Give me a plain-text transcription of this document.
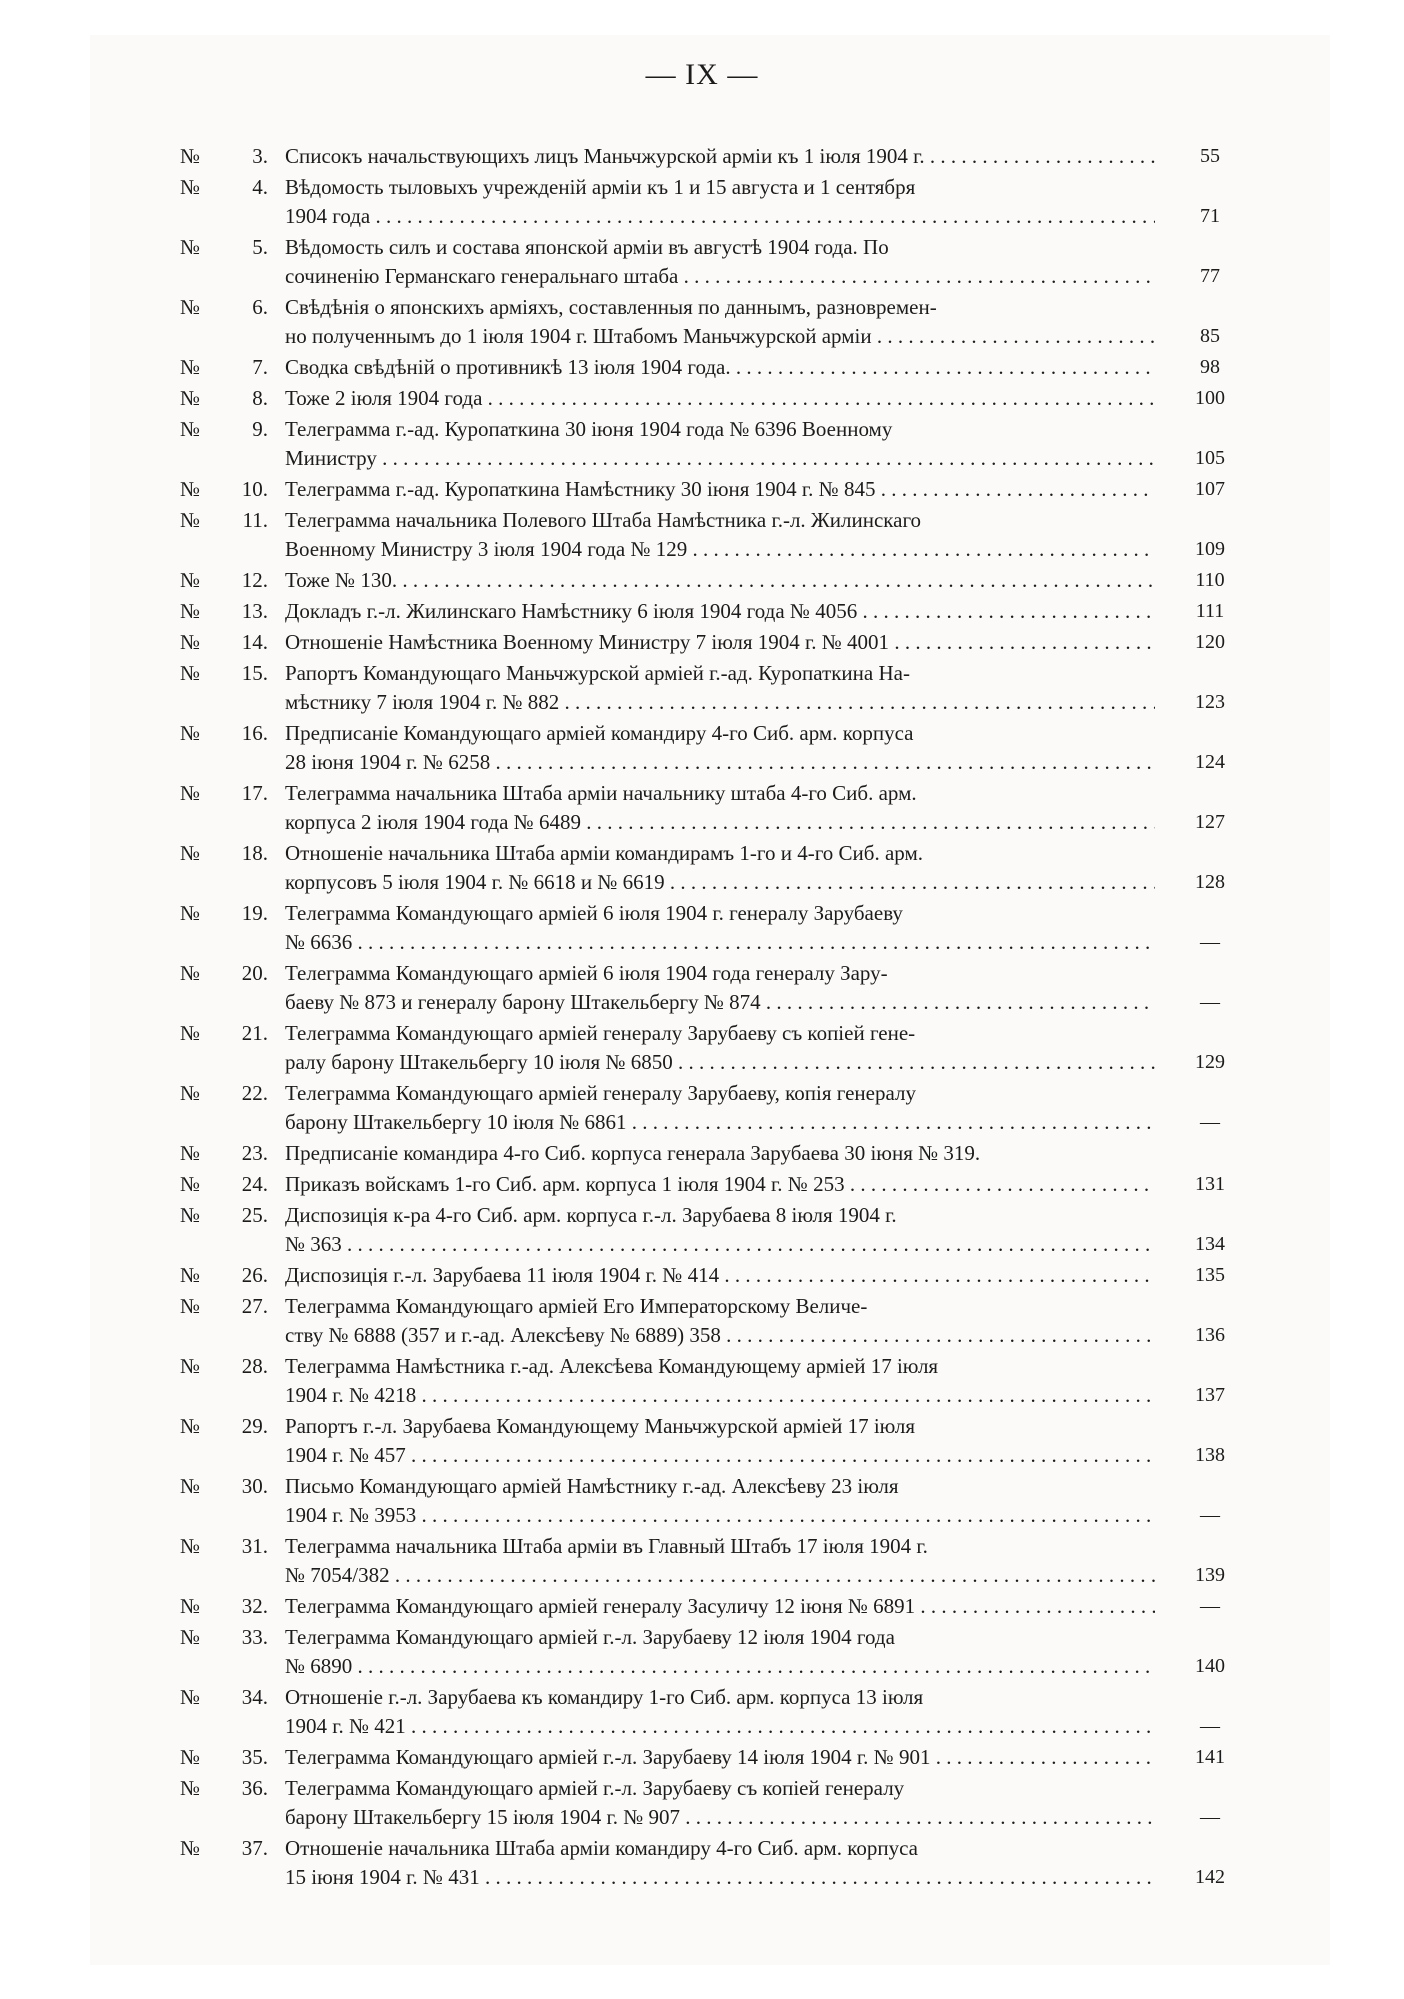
— IX —
№	3. Списокъ начальствующихъ лицъ Маньчжурской арміи къ 1 іюля 1904 г. . . .	55
№	4. Вѣдомость тыловыхъ учрежденій арміи къ 1 и 15 августа и 1 сентября
1904 года . . .	71
№	5. Вѣдомость силъ и состава японской арміи въ августѣ 1904 года. По
сочиненію Германскаго генеральнаго штаба . . .	77
№	6. Свѣдѣнія о японскихъ арміяхъ, составленныя по даннымъ, разновремен-
но полученнымъ до 1 іюля 1904 г. Штабомъ Маньчжурской арміи . . .	85
№	7. Сводка свѣдѣній о противникѣ 13 іюля 1904 года. . . .	98
№	8. Тоже 2 іюля 1904 года . . .	100
№	9. Телеграмма г.-ад. Куропаткина 30 іюня 1904 года № 6396 Военному
Министру . . .	105
№	10. Телеграмма г.-ад. Куропаткина Намѣстнику 30 іюня 1904 г. № 845 . . .	107
№	11. Телеграмма начальника Полевого Штаба Намѣстника г.-л. Жилинскаго
Военному Министру 3 іюля 1904 года № 129 . . .	109
№	12. Тоже № 130. . . .	110
№	13. Докладъ г.-л. Жилинскаго Намѣстнику 6 іюля 1904 года № 4056 . . .	111
№	14. Отношеніе Намѣстника Военному Министру 7 іюля 1904 г. № 4001 . . .	120
№	15. Рапортъ Командующаго Маньчжурской арміей г.-ад. Куропаткина На-
мѣстнику 7 іюля 1904 г. № 882 . . .	123
№	16. Предписаніе Командующаго арміей командиру 4-го Сиб. арм. корпуса
28 іюня 1904 г. № 6258 . . .	124
№	17. Телеграмма начальника Штаба арміи начальнику штаба 4-го Сиб. арм.
корпуса 2 іюля 1904 года № 6489 . . .	127
№	18. Отношеніе начальника Штаба арміи командирамъ 1-го и 4-го Сиб. арм.
корпусовъ 5 іюля 1904 г. № 6618 и № 6619 . . .	128
№	19. Телеграмма Командующаго арміей 6 іюля 1904 г. генералу Зарубаеву
№ 6636 . . .	—
№	20. Телеграмма Командующаго арміей 6 іюля 1904 года генералу Зару-
баеву № 873 и генералу барону Штакельбергу № 874 . . .	—
№	21. Телеграмма Командующаго арміей генералу Зарубаеву съ копіей гене-
ралу барону Штакельбергу 10 іюля № 6850 . . .	129
№	22. Телеграмма Командующаго арміей генералу Зарубаеву, копія генералу
барону Штакельбергу 10 іюля № 6861 . . .	—
№	23. Предписаніе командира 4-го Сиб. корпуса генерала Зарубаева 30 іюня № 319.
№	24. Приказъ войскамъ 1-го Сиб. арм. корпуса 1 іюля 1904 г. № 253 . . .	131
№	25. Диспозиція к-ра 4-го Сиб. арм. корпуса г.-л. Зарубаева 8 іюля 1904 г.
№ 363 . . .	134
№	26. Диспозиція г.-л. Зарубаева 11 іюля 1904 г. № 414 . . .	135
№	27. Телеграмма Командующаго арміей Его Императорскому Величе-
ству № 6888 (357 и г.-ад. Алексѣеву № 6889) 358 . . .	136
№	28. Телеграмма Намѣстника г.-ад. Алексѣева Командующему арміей 17 іюля
1904 г. № 4218 . . .	137
№	29. Рапортъ г.-л. Зарубаева Командующему Маньчжурской арміей 17 іюля
1904 г. № 457 . . .	138
№	30. Письмо Командующаго арміей Намѣстнику г.-ад. Алексѣеву 23 іюля
1904 г. № 3953 . . .	—
№	31. Телеграмма начальника Штаба арміи въ Главный Штабъ 17 іюля 1904 г.
№ 7054/382 . . .	139
№	32. Телеграмма Командующаго арміей генералу Засуличу 12 іюня № 6891 . . .	—
№	33. Телеграмма Командующаго арміей г.-л. Зарубаеву 12 іюля 1904 года
№ 6890 . . .	140
№	34. Отношеніе г.-л. Зарубаева къ командиру 1-го Сиб. арм. корпуса 13 іюля
1904 г. № 421 . . .	—
№	35. Телеграмма Командующаго арміей г.-л. Зарубаеву 14 іюля 1904 г. № 901 . . .	141
№	36. Телеграмма Командующаго арміей г.-л. Зарубаеву съ копіей генералу
барону Штакельбергу 15 іюля 1904 г. № 907 . . .	—
№	37. Отношеніе начальника Штаба арміи командиру 4-го Сиб. арм. корпуса
15 іюня 1904 г. № 431 . . .	142
